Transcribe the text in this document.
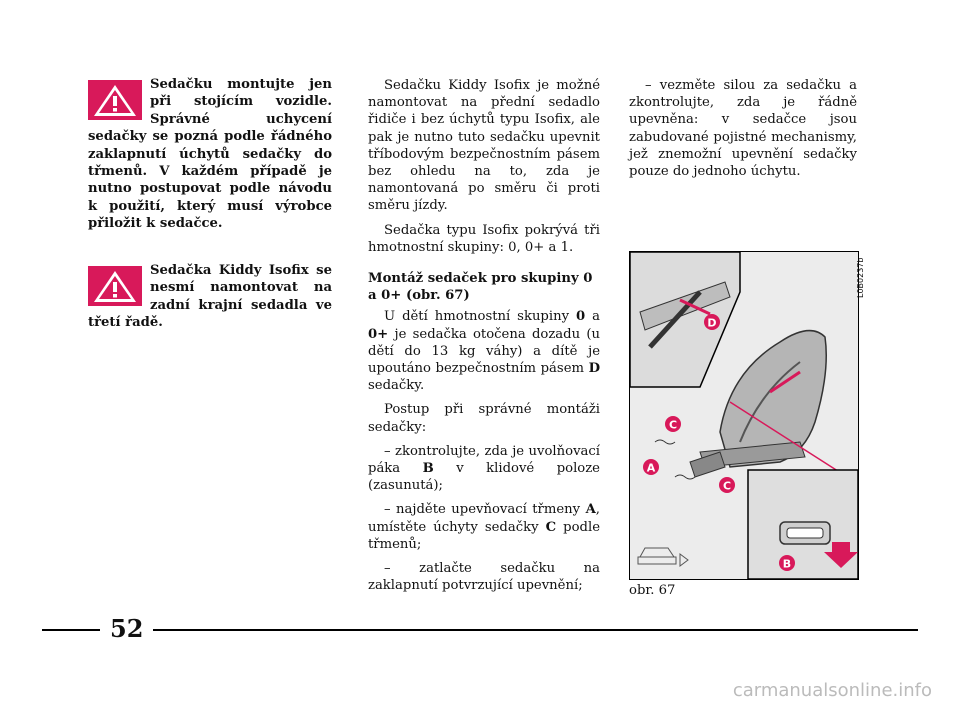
Sedačku montujte jen při stojícím vozidle. Správné uchycení sedačky se pozná podle řádného zaklapnutí úchytů sedačky do třmenů. V každém případě je nutno postupovat podle návodu k použití, který musí výrobce přiložit k sedačce.
Sedačka Kiddy Isofix se nesmí namontovat na zadní krajní sedadla ve třetí řadě.

Sedačku Kiddy Isofix je možné namontovat na přední sedadlo řidiče i bez úchytů typu Isofix, ale pak je nutno tuto sedačku upevnit tříbodovým bezpečnostním pásem bez ohledu na to, zda je namontovaná po směru či proti směru jízdy.

Sedačka typu Isofix pokrývá tři hmotnostní skupiny: 0, 0+ a 1.

Montáž sedaček pro skupiny 0 a 0+ (obr. 67)

U dětí hmotnostní skupiny 0 a 0+ je sedačka otočena dozadu (u dětí do 13 kg váhy) a dítě je upoutáno bezpečnostním pásem D sedačky.

Postup při správné montáži sedačky:

– zkontrolujte, zda je uvolňovací páka B v klidové poloze (zasunutá);

– najděte upevňovací třmeny A, umístěte úchyty sedačky C podle třmenů;

– zatlačte sedačku na zaklapnutí potvrzující upevnění;

– vezměte silou za sedačku a zkontrolujte, zda je řádně upevněna: v sedačce jsou zabudované pojistné mechanismy, jež znemožní upevnění sedačky pouze do jednoho úchytu.

D
C
A
C
B
L0B0237b
obr. 67
52
carmanualsonline.info
